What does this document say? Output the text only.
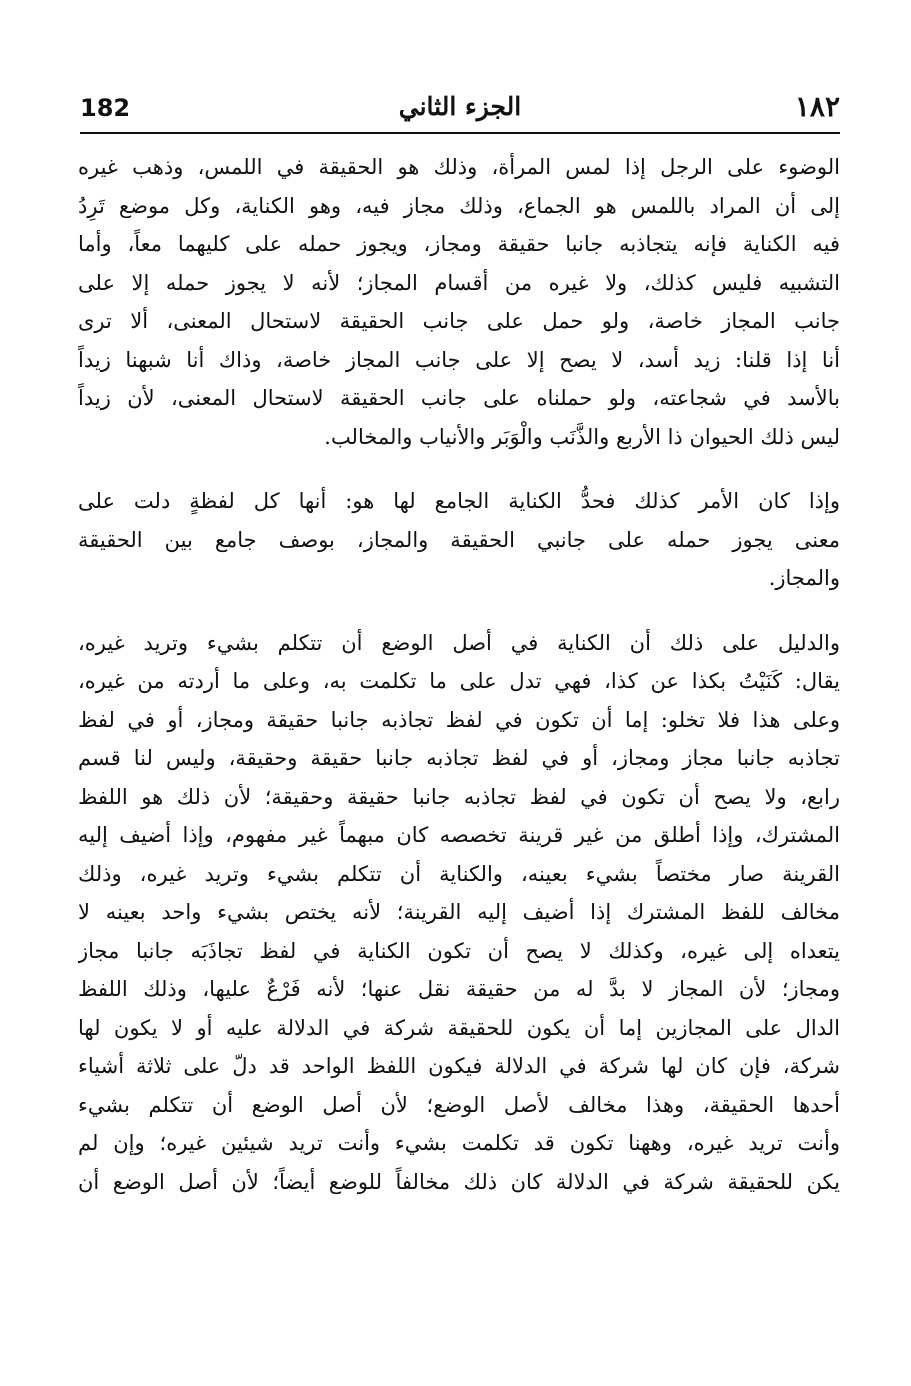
١٨٢
الجزء الثاني
182
الوضوء على الرجل إذا لمس المرأة، وذلك هو الحقيقة في اللمس، وذهب غيره
إلى أن المراد باللمس هو الجماع، وذلك مجاز فيه، وهو الكناية، وكل موضع تَرِدُ
فيه الكناية فإنه يتجاذبه جانبا حقيقة ومجاز، ويجوز حمله على كليهما معاً، وأما
التشبيه فليس كذلك، ولا غيره من أقسام المجاز؛ لأنه لا يجوز حمله إلا على
جانب المجاز خاصة، ولو حمل على جانب الحقيقة لاستحال المعنى، ألا ترى
أنا إذا قلنا: زيد أسد، لا يصح إلا على جانب المجاز خاصة، وذاك أنا شبهنا زيداً
بالأسد في شجاعته، ولو حملناه على جانب الحقيقة لاستحال المعنى، لأن زيداً
ليس ذلك الحيوان ذا الأربع والذَّنَب والْوَبَر والأنياب والمخالب.
وإذا كان الأمر كذلك فحدُّ الكناية الجامع لها هو: أنها كل لفظةٍ دلت على
معنى يجوز حمله على جانبي الحقيقة والمجاز، بوصف جامع بين الحقيقة
والمجاز.
والدليل على ذلك أن الكناية في أصل الوضع أن تتكلم بشيء وتريد غيره،
يقال: كَنَيْتُ بكذا عن كذا، فهي تدل على ما تكلمت به، وعلى ما أردته من غيره،
وعلى هذا فلا تخلو: إما أن تكون في لفظ تجاذبه جانبا حقيقة ومجاز، أو في لفظ
تجاذبه جانبا مجاز ومجاز، أو في لفظ تجاذبه جانبا حقيقة وحقيقة، وليس لنا قسم
رابع، ولا يصح أن تكون في لفظ تجاذبه جانبا حقيقة وحقيقة؛ لأن ذلك هو اللفظ
المشترك، وإذا أطلق من غير قرينة تخصصه كان مبهماً غير مفهوم، وإذا أضيف إليه
القرينة صار مختصاً بشيء بعينه، والكناية أن تتكلم بشيء وتريد غيره، وذلك
مخالف للفظ المشترك إذا أضيف إليه القرينة؛ لأنه يختص بشيء واحد بعينه لا
يتعداه إلى غيره، وكذلك لا يصح أن تكون الكناية في لفظ تجاذَبَه جانبا مجاز
ومجاز؛ لأن المجاز لا بدَّ له من حقيقة نقل عنها؛ لأنه فَرْعٌ عليها، وذلك اللفظ
الدال على المجازين إما أن يكون للحقيقة شركة في الدلالة عليه أو لا يكون لها
شركة، فإن كان لها شركة في الدلالة فيكون اللفظ الواحد قد دلّ على ثلاثة أشياء
أحدها الحقيقة، وهذا مخالف لأصل الوضع؛ لأن أصل الوضع أن تتكلم بشيء
وأنت تريد غيره، وههنا تكون قد تكلمت بشيء وأنت تريد شيئين غيره؛ وإن لم
يكن للحقيقة شركة في الدلالة كان ذلك مخالفاً للوضع أيضاً؛ لأن أصل الوضع أن
